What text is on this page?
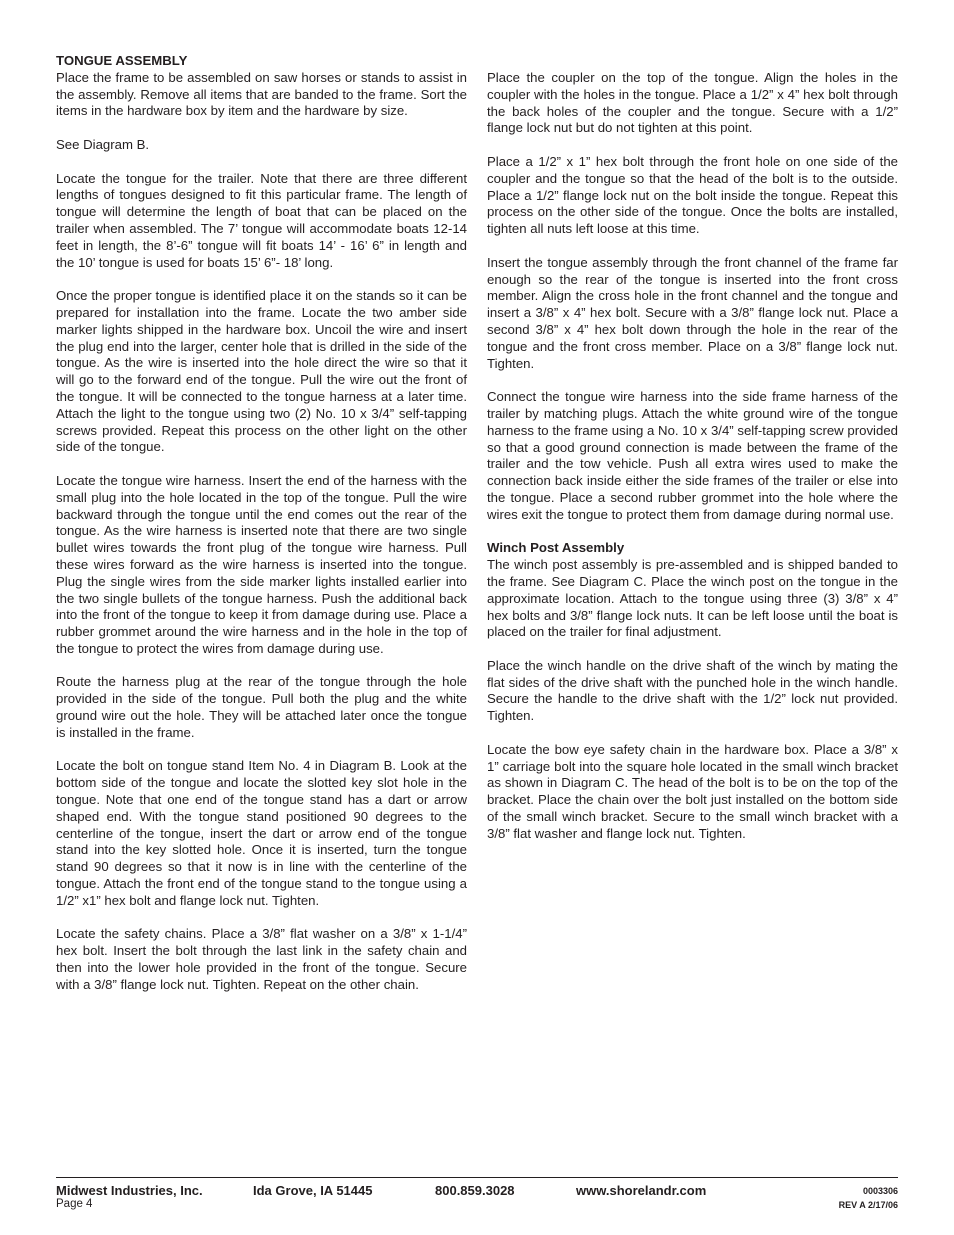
TONGUE ASSEMBLY
Place the frame to be assembled on saw horses or stands to assist in the assembly. Remove all items that are banded to the frame. Sort the items in the hardware box by item and the hardware by size.

See Diagram B.

Locate the tongue for the trailer. Note that there are three different lengths of tongues designed to fit this particular frame. The length of tongue will determine the length of boat that can be placed on the trailer when assembled. The 7’ tongue will accommodate boats 12-14 feet in length, the 8’-6” tongue will fit boats 14’ - 16’ 6” in length and the 10’ tongue is used for boats 15’ 6”- 18’ long.

Once the proper tongue is identified place it on the stands so it can be prepared for installation into the frame. Locate the two amber side marker lights shipped in the hardware box. Uncoil the wire and insert the plug end into the larger, center hole that is drilled in the side of the tongue. As the wire is inserted into the hole direct the wire so that it will go to the forward end of the tongue. Pull the wire out the front of the tongue. It will be connected to the tongue harness at a later time. Attach the light to the tongue using two (2) No. 10 x 3/4” self-tapping screws provided. Repeat this process on the other light on the other side of the tongue.

Locate the tongue wire harness. Insert the end of the harness with the small plug into the hole located in the top of the tongue. Pull the wire backward through the tongue until the end comes out the rear of the tongue. As the wire harness is inserted note that there are two single bullet wires towards the front plug of the tongue wire harness. Pull these wires forward as the wire harness is inserted into the tongue. Plug the single wires from the side marker lights installed earlier into the two single bullets of the tongue harness. Push the additional back into the front of the tongue to keep it from damage during use. Place a rubber grommet around the wire harness and in the hole in the top of the tongue to protect the wires from damage during use.

Route the harness plug at the rear of the tongue through the hole provided in the side of the tongue. Pull both the plug and the white ground wire out the hole. They will be attached later once the tongue is installed in the frame.

Locate the bolt on tongue stand Item No. 4 in Diagram B. Look at the bottom side of the tongue and locate the slotted key slot hole in the tongue. Note that one end of the tongue stand has a dart or arrow shaped end. With the tongue stand positioned 90 degrees to the centerline of the tongue, insert the dart or arrow end of the tongue stand into the key slotted hole. Once it is inserted, turn the tongue stand 90 degrees so that it now is in line with the centerline of the tongue. Attach the front end of the tongue stand to the tongue using a 1/2” x1” hex bolt and flange lock nut. Tighten.

Locate the safety chains. Place a 3/8” flat washer on a 3/8” x 1-1/4” hex bolt. Insert the bolt through the last link in the safety chain and then into the lower hole provided in the front of the tongue. Secure with a 3/8” flange lock nut. Tighten. Repeat on the other chain.

Place the coupler on the top of the tongue. Align the holes in the coupler with the holes in the tongue. Place a 1/2” x 4” hex bolt through the back holes of the coupler and the tongue. Secure with a 1/2” flange lock nut but do not tighten at this point.

Place a 1/2” x 1” hex bolt through the front hole on one side of the coupler and the tongue so that the head of the bolt is to the outside. Place a 1/2” flange lock nut on the bolt inside the tongue. Repeat this process on the other side of the tongue. Once the bolts are installed, tighten all nuts left loose at this time.

Insert the tongue assembly through the front channel of the frame far enough so the rear of the tongue is inserted into the front cross member. Align the cross hole in the front channel and the tongue and insert a 3/8” x 4” hex bolt. Secure with a 3/8” flange lock nut. Place a second 3/8” x 4” hex bolt down through the hole in the rear of the tongue and the front cross member. Place on a 3/8” flange lock nut. Tighten.

Connect the tongue wire harness into the side frame harness of the trailer by matching plugs. Attach the white ground wire of the tongue harness to the frame using a No. 10 x 3/4” self-tapping screw provided so that a good ground connection is made between the frame of the trailer and the tow vehicle. Push all extra wires used to make the connection back inside either the side frames of the trailer or else into the tongue. Place a second rubber grommet into the hole where the wires exit the tongue to protect them from damage during normal use.

Winch Post Assembly
The winch post assembly is pre-assembled and is shipped banded to the frame. See Diagram C. Place the winch post on the tongue in the approximate location. Attach to the tongue using three (3) 3/8” x 4” hex bolts and 3/8” flange lock nuts. It can be left loose until the boat is placed on the trailer for final adjustment.

Place the winch handle on the drive shaft of the winch by mating the flat sides of the drive shaft with the punched hole in the winch handle. Secure the handle to the drive shaft with the 1/2” lock nut provided. Tighten.

Locate the bow eye safety chain in the hardware box. Place a 3/8” x 1” carriage bolt into the square hole located in the small winch bracket as shown in Diagram C. The head of the bolt is to be on the top of the bracket. Place the chain over the bolt just installed on the bottom side of the small winch bracket. Secure to the small winch bracket with a 3/8” flat washer and flange lock nut. Tighten.

Midwest Industries, Inc.	Ida Grove, IA 51445	800.859.3028	www.shorelandr.com
Page 4
0003306
REV A 2/17/06
